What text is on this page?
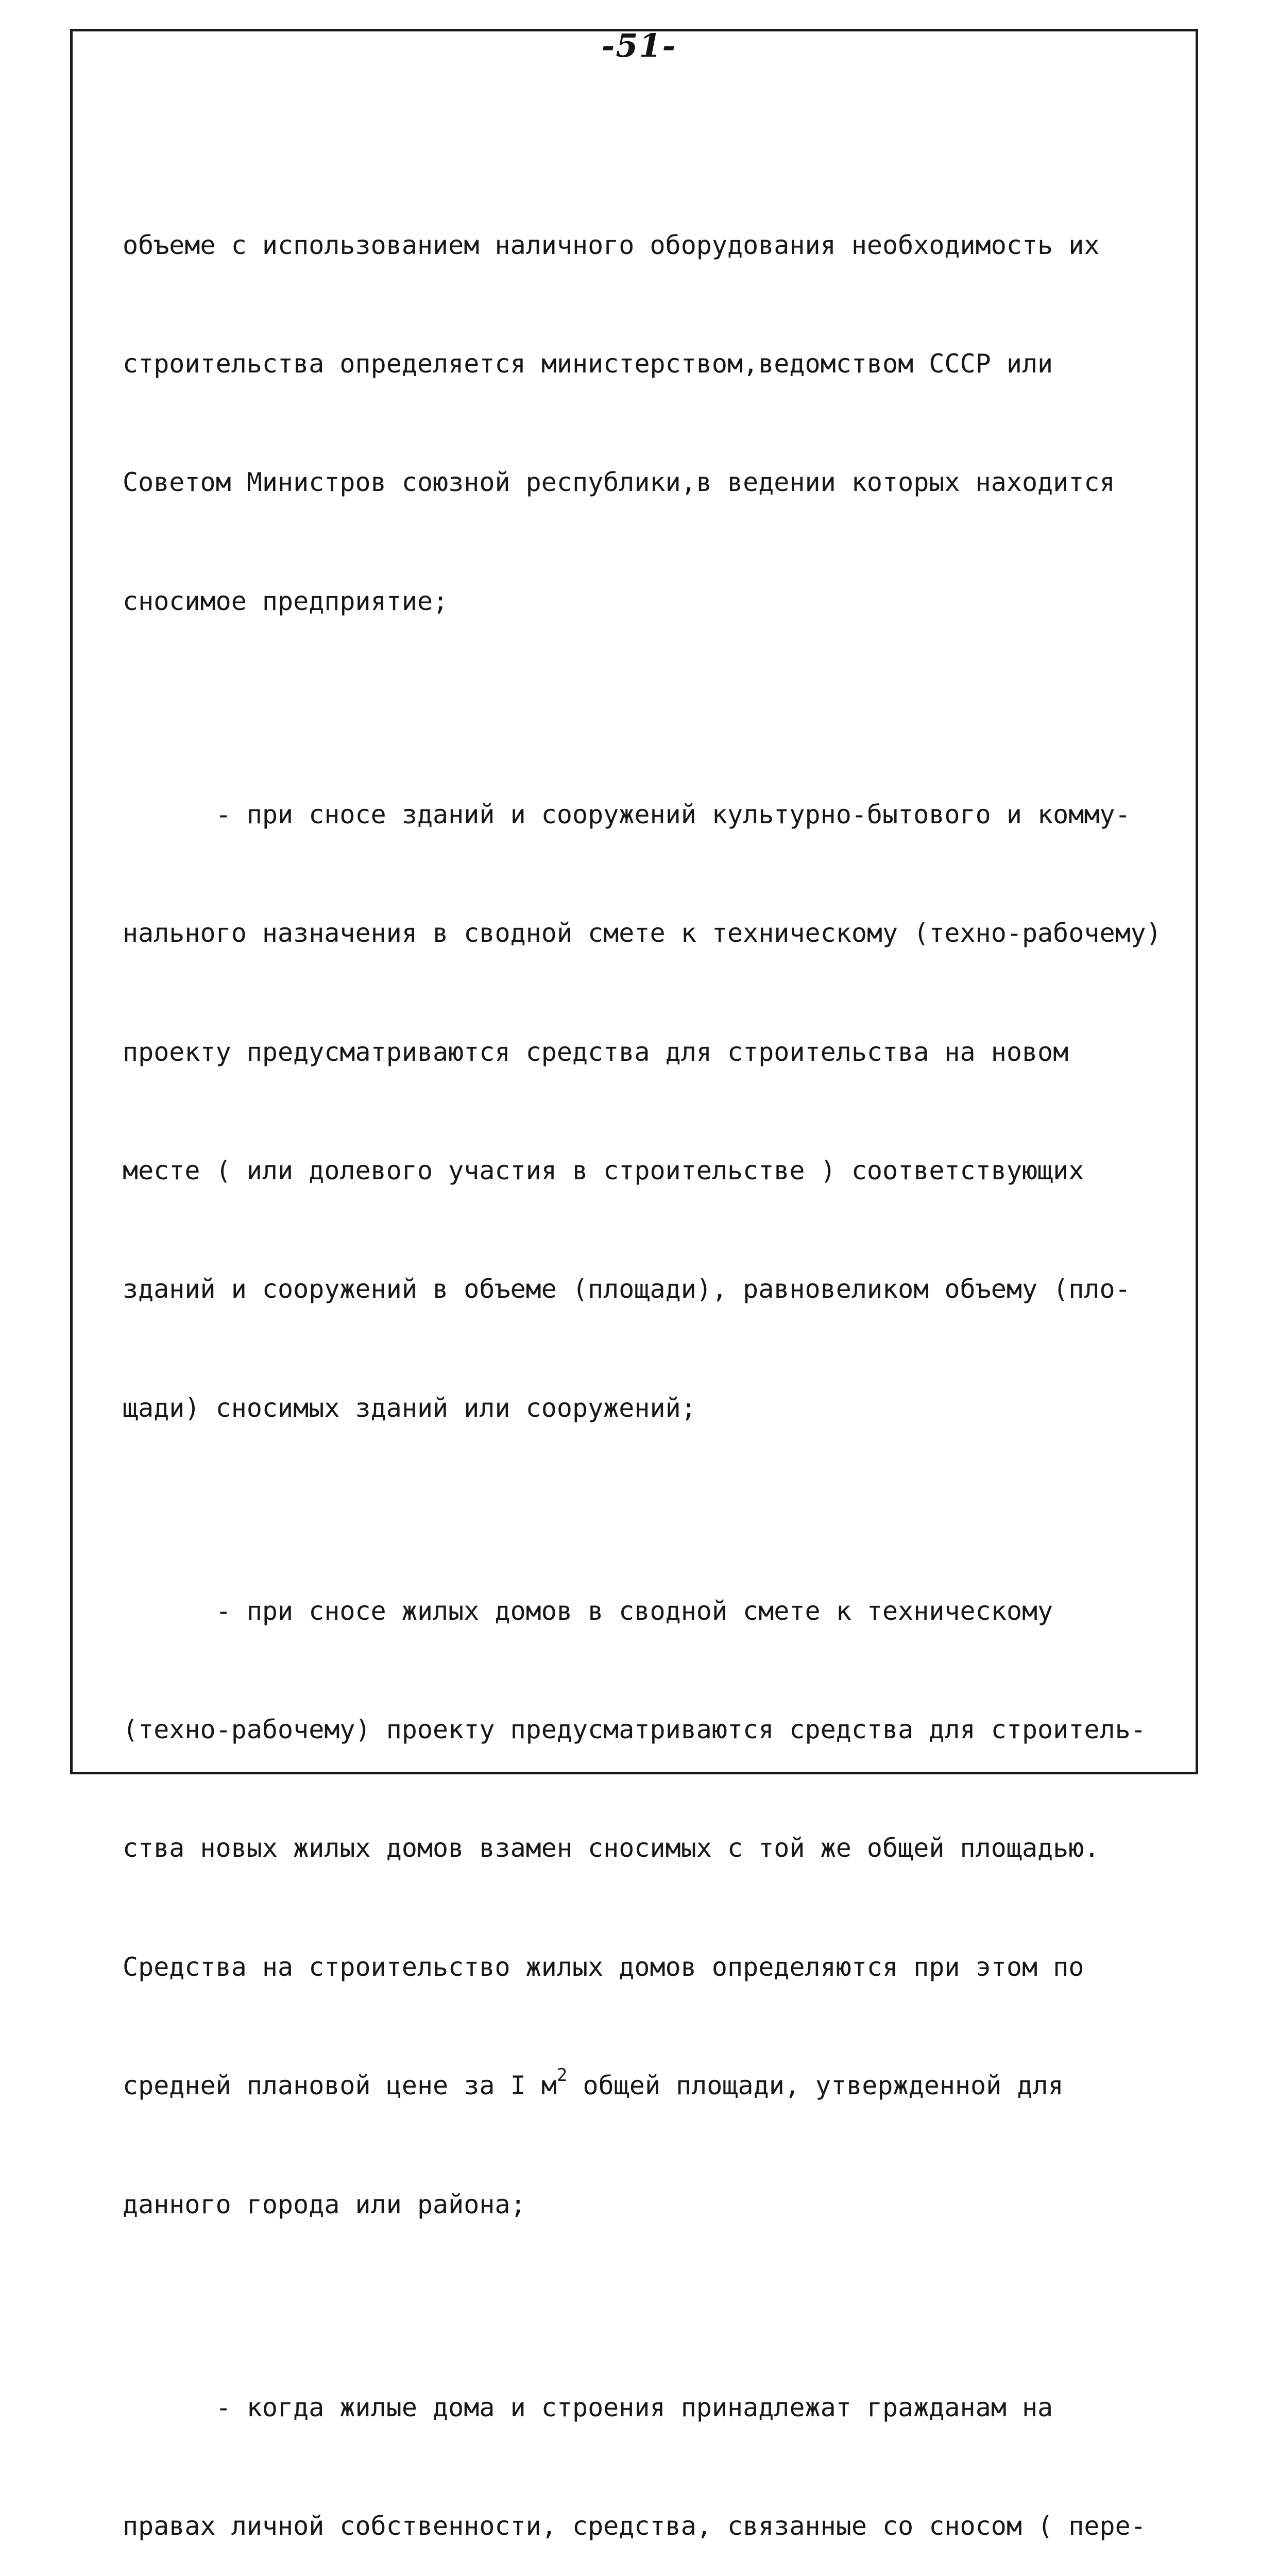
-51-

объеме с использованием наличного оборудования необходимость их

строительства определяется министерством,ведомством СССР или

Советом Министров союзной республики,в ведении которых находится

сносимое предприятие;

- при сносе зданий и сооружений культурно-бытового и комму-

нального назначения в сводной смете к техническому (техно-рабочему)

проекту предусматриваются средства для строительства на новом

месте ( или долевого участия в строительстве ) соответствующих

зданий и сооружений в объеме (площади), равновеликом объему (пло-

щади) сносимых зданий или сооружений;

- при сносе жилых домов в сводной смете к техническому

(техно-рабочему) проекту предусматриваются средства для строитель-

ства новых жилых домов взамен сносимых с той же общей площадью.

Средства на строительство жилых домов определяются при этом по

средней плановой цене за I $м^2$ общей площади, утвержденной для

данного города или района;

- когда жилые дома и строения принадлежат гражданам на

правах личной собственности, средства, связанные со сносом ( пере-
